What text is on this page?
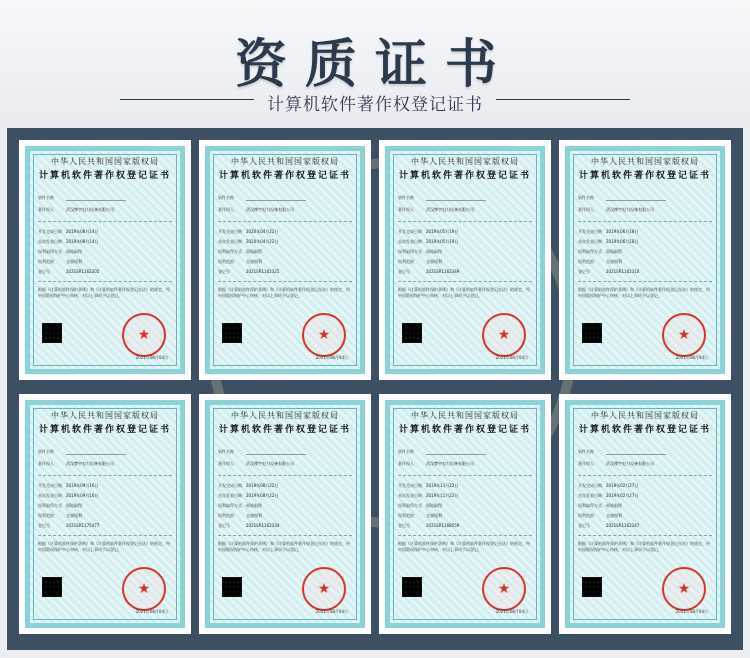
资质证书
计算机软件著作权登记证书
中华人民共和国国家版权局
计算机软件著作权登记证书
软件名称
著作权人	武汉博宇电力设备有限公司
开发完成日期 2019年08月14日
首次发表日期 2019年08月14日
权利取得方式 原始取得
权利范围	全部权利
登记号	2021SR1162205
根据《计算机软件保护条例》和《计算机软件著作权登记办法》的规定，经中国版权保护中心审核，对以上事项予以登记。
★
2021年08月04日
中华人民共和国国家版权局
计算机软件著作权登记证书
软件名称
著作权人	武汉博宇电力设备有限公司
开发完成日期 2020年04月22日
首次发表日期 2020年04月22日
权利取得方式 原始取得
权利范围	全部权利
登记号	2021SR1162325
根据《计算机软件保护条例》和《计算机软件著作权登记办法》的规定，经中国版权保护中心审核，对以上事项予以登记。
★
2021年08月04日
中华人民共和国国家版权局
计算机软件著作权登记证书
软件名称
著作权人	武汉博宇电力设备有限公司
开发完成日期 2019年05月19日
首次发表日期 2019年05月19日
权利取得方式 原始取得
权利范围	全部权利
登记号	2021SR1162349
根据《计算机软件保护条例》和《计算机软件著作权登记办法》的规定，经中国版权保护中心审核，对以上事项予以登记。
★
2021年08月04日
中华人民共和国国家版权局
计算机软件著作权登记证书
软件名称
著作权人	武汉博宇电力设备有限公司
开发完成日期 2019年06月18日
首次发表日期 2019年06月18日
权利取得方式 原始取得
权利范围	全部权利
登记号	2021SR1162310
根据《计算机软件保护条例》和《计算机软件著作权登记办法》的规定，经中国版权保护中心审核，对以上事项予以登记。
★
2021年08月04日
中华人民共和国国家版权局
计算机软件著作权登记证书
软件名称
著作权人	武汉博宇电力设备有限公司
开发完成日期 2019年09月16日
首次发表日期 2019年09月16日
权利取得方式 原始取得
权利范围	全部权利
登记号	2021SR1175477
根据《计算机软件保护条例》和《计算机软件著作权登记办法》的规定，经中国版权保护中心审核，对以上事项予以登记。
★
2021年08月04日
中华人民共和国国家版权局
计算机软件著作权登记证书
软件名称
著作权人	武汉博宇电力设备有限公司
开发完成日期 2019年08月22日
首次发表日期 2019年08月22日
权利取得方式 原始取得
权利范围	全部权利
登记号	2021SR1162334
根据《计算机软件保护条例》和《计算机软件著作权登记办法》的规定，经中国版权保护中心审核，对以上事项予以登记。
★
2021年08月04日
中华人民共和国国家版权局
计算机软件著作权登记证书
软件名称
著作权人	武汉博宇电力设备有限公司
开发完成日期 2019年11月22日
首次发表日期 2019年11月22日
权利取得方式 原始取得
权利范围	全部权利
登记号	2021SR1168559
根据《计算机软件保护条例》和《计算机软件著作权登记办法》的规定，经中国版权保护中心审核，对以上事项予以登记。
★
2021年08月04日
中华人民共和国国家版权局
计算机软件著作权登记证书
软件名称
著作权人	武汉博宇电力设备有限公司
开发完成日期 2019年02月27日
首次发表日期 2019年02月27日
权利取得方式 原始取得
权利范围	全部权利
登记号	2021SR1162347
根据《计算机软件保护条例》和《计算机软件著作权登记办法》的规定，经中国版权保护中心审核，对以上事项予以登记。
★
2021年08月04日
